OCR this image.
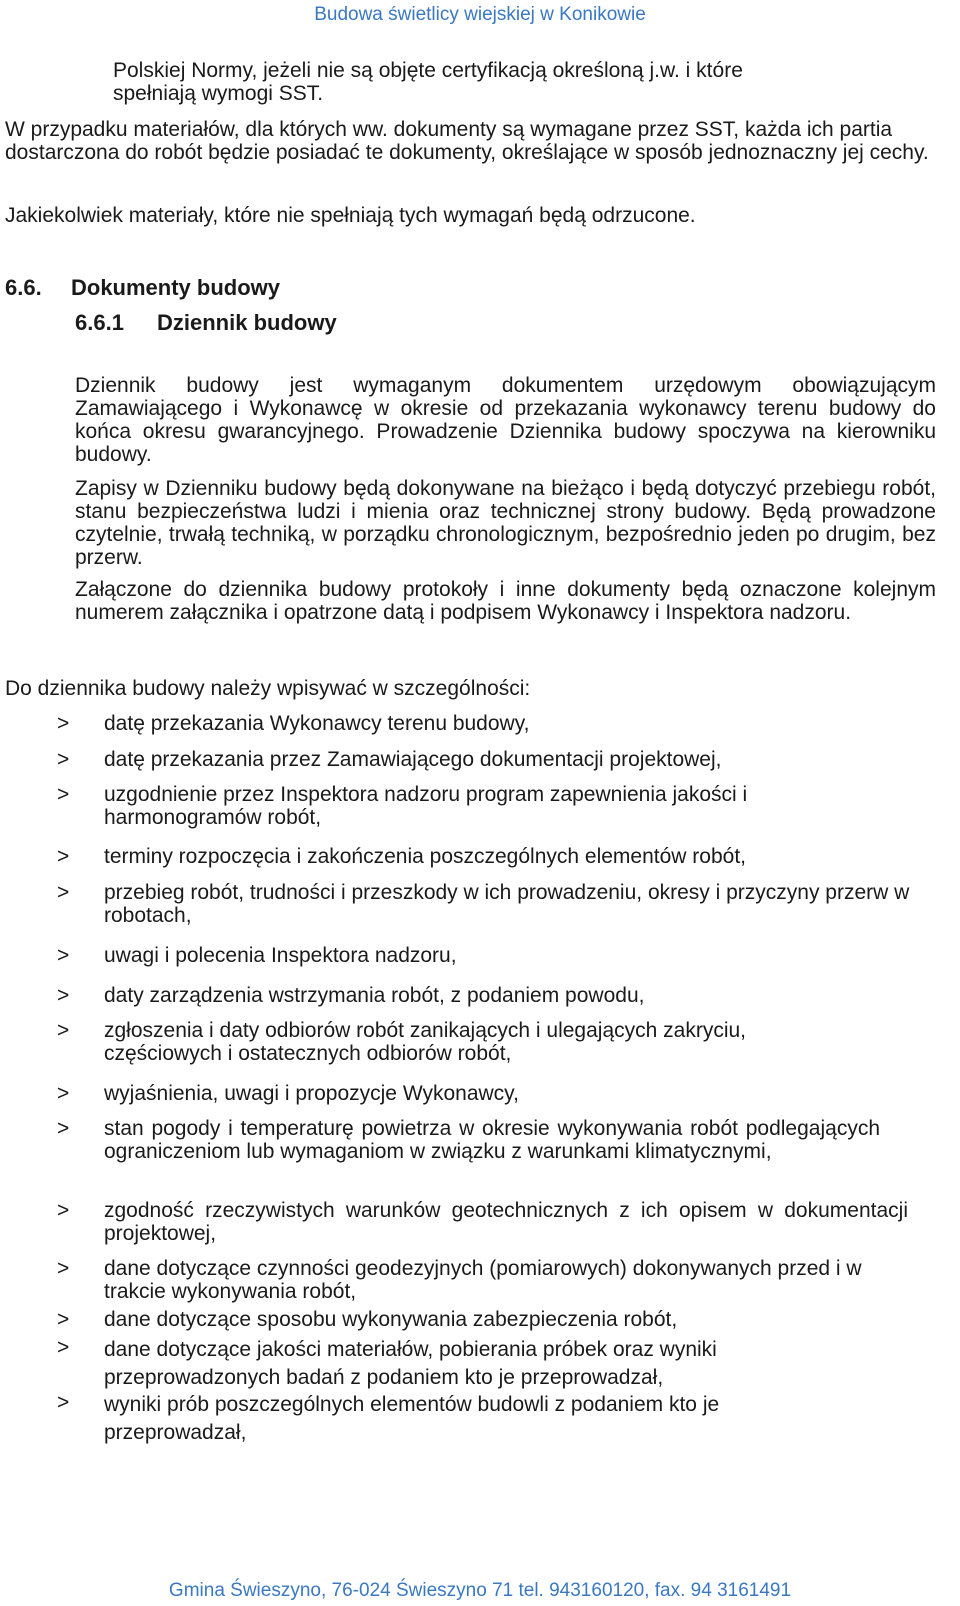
Budowa świetlicy wiejskiej w Konikowie

Polskiej Normy, jeżeli nie są objęte certyfikacją określoną j.w. i które

spełniają wymogi SST.

W przypadku materiałów, dla których ww. dokumenty są wymagane przez SST, każda ich partia dostarczona do robót będzie posiadać te dokumenty, określające w sposób jednoznaczny jej cechy.

Jakiekolwiek materiały, które nie spełniają tych wymagań będą odrzucone.

6.6. Dokumenty budowy
6.6.1 Dziennik budowy

Dziennik budowy jest wymaganym dokumentem urzędowym obowiązującym Zamawiającego i Wykonawcę w okresie od przekazania wykonawcy terenu budowy do końca okresu gwarancyjnego. Prowadzenie Dziennika budowy spoczywa na kierowniku budowy.

Zapisy w Dzienniku budowy będą dokonywane na bieżąco i będą dotyczyć przebiegu robót, stanu bezpieczeństwa ludzi i mienia oraz technicznej strony budowy. Będą prowadzone czytelnie, trwałą techniką, w porządku chronologicznym, bezpośrednio jeden po drugim, bez przerw.

Załączone do dziennika budowy protokoły i inne dokumenty będą oznaczone kolejnym numerem załącznika i opatrzone datą i podpisem Wykonawcy i Inspektora nadzoru.

Do dziennika budowy należy wpisywać w szczególności:

> datę przekazania Wykonawcy terenu budowy,
> datę przekazania przez Zamawiającego dokumentacji projektowej,
> uzgodnienie przez Inspektora nadzoru program zapewnienia jakości i harmonogramów robót,
> terminy rozpoczęcia i zakończenia poszczególnych elementów robót,
> przebieg robót, trudności i przeszkody w ich prowadzeniu, okresy i przyczyny przerw w robotach,
> uwagi i polecenia Inspektora nadzoru,
> daty zarządzenia wstrzymania robót, z podaniem powodu,
> zgłoszenia i daty odbiorów robót zanikających i ulegających zakryciu, częściowych i ostatecznych odbiorów robót,
> wyjaśnienia, uwagi i propozycje Wykonawcy,
> stan pogody i temperaturę powietrza w okresie wykonywania robót podlegających ograniczeniom lub wymaganiom w związku z warunkami klimatycznymi,
> zgodność rzeczywistych warunków geotechnicznych z ich opisem w dokumentacji projektowej,
> dane dotyczące czynności geodezyjnych (pomiarowych) dokonywanych przed i w trakcie wykonywania robót,
> dane dotyczące sposobu wykonywania zabezpieczenia robót,
> dane dotyczące jakości materiałów, pobierania próbek oraz wyniki przeprowadzonych badań z podaniem kto je przeprowadzał,
> wyniki prób poszczególnych elementów budowli z podaniem kto je przeprowadzał,
Gmina Świeszyno, 76-024 Świeszyno 71 tel. 943160120, fax. 94 3161491
